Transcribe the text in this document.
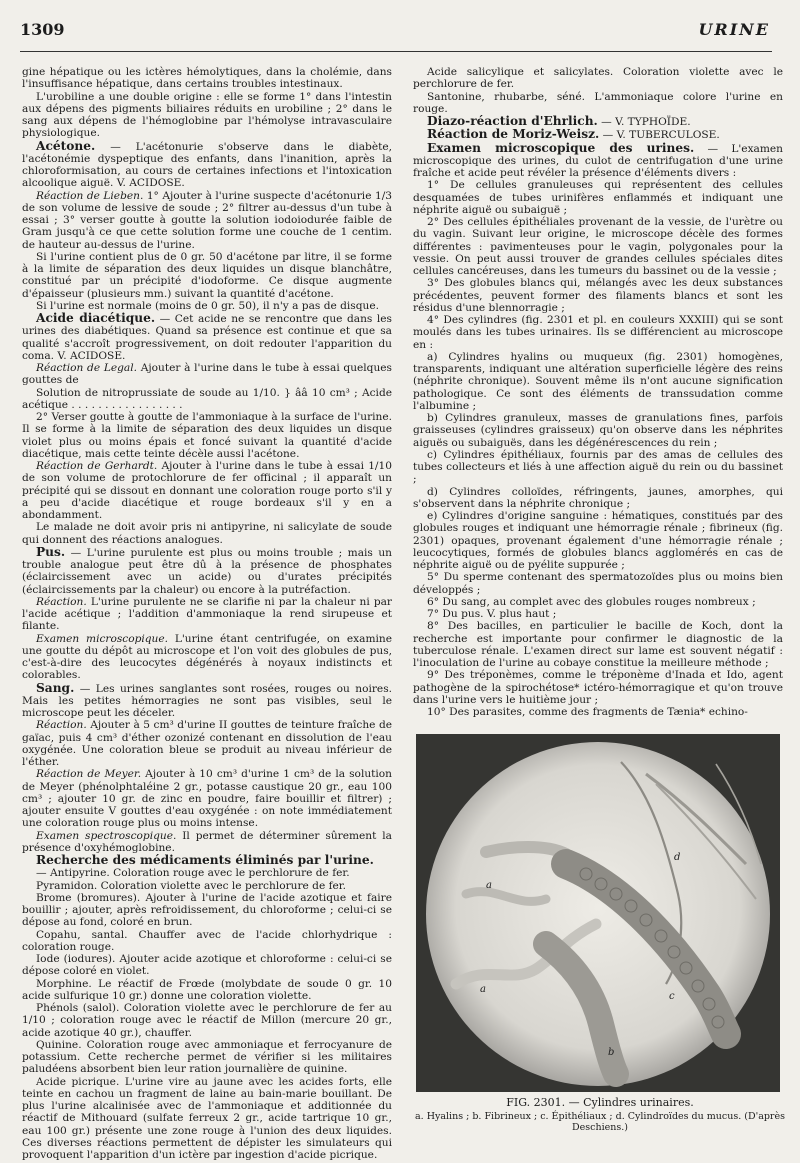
1309	URINE

gine hépatique ou les ictères hémolytiques, dans la cholémie, dans l'insuffisance hépatique, dans certains troubles intestinaux.

L'urobiline a une double origine : elle se forme 1° dans l'intestin aux dépens des pigments biliaires réduits en urobiline ; 2° dans le sang aux dépens de l'hémoglobine par l'hémolyse intravasculaire physiologique.

Acétone. — L'acétonurie s'observe dans le diabète, l'acétonémie dyspeptique des enfants, dans l'inanition, après la chloroformisation, au cours de certaines infections et l'intoxication alcoolique aiguë. V. ACIDOSE.

Réaction de Lieben. 1° Ajouter à l'urine suspecte d'acétonurie 1/3 de son volume de lessive de soude ; 2° filtrer au-dessus d'un tube à essai ; 3° verser goutte à goutte la solution iodoiodurée faible de Gram jusqu'à ce que cette solution forme une couche de 1 centim. de hauteur au-dessus de l'urine.

Si l'urine contient plus de 0 gr. 50 d'acétone par litre, il se forme à la limite de séparation des deux liquides un disque blanchâtre, constitué par un précipité d'iodoforme. Ce disque augmente d'épaisseur (plusieurs mm.) suivant la quantité d'acétone.

Si l'urine est normale (moins de 0 gr. 50), il n'y a pas de disque.

Acide diacétique. — Cet acide ne se rencontre que dans les urines des diabétiques. Quand sa présence est continue et que sa qualité s'accroît progressivement, on doit redouter l'apparition du coma. V. ACIDOSE.

Réaction de Legal. Ajouter à l'urine dans le tube à essai quelques gouttes de

Solution de nitroprussiate de soude au 1/10. } ââ 10 cm³ ; Acide acétique . . . . . . . . . . . . . . . . .

2° Verser goutte à goutte de l'ammoniaque à la surface de l'urine. Il se forme à la limite de séparation des deux liquides un disque violet plus ou moins épais et foncé suivant la quantité d'acide diacétique, mais cette teinte décèle aussi l'acétone.

Réaction de Gerhardt. Ajouter à l'urine dans le tube à essai 1/10 de son volume de protochlorure de fer officinal ; il apparaît un précipité qui se dissout en donnant une coloration rouge porto s'il y a peu d'acide diacétique et rouge bordeaux s'il y en a abondamment.

Le malade ne doit avoir pris ni antipyrine, ni salicylate de soude qui donnent des réactions analogues.

Pus. — L'urine purulente est plus ou moins trouble ; mais un trouble analogue peut être dû à la présence de phosphates (éclaircissement avec un acide) ou d'urates précipités (éclaircissements par la chaleur) ou encore à la putréfaction.

Réaction. L'urine purulente ne se clarifie ni par la chaleur ni par l'acide acétique ; l'addition d'ammoniaque la rend sirupeuse et filante.

Examen microscopique. L'urine étant centrifugée, on examine une goutte du dépôt au microscope et l'on voit des globules de pus, c'est-à-dire des leucocytes dégénérés à noyaux indistincts et colorables.

Sang. — Les urines sanglantes sont rosées, rouges ou noires. Mais les petites hémorragies ne sont pas visibles, seul le microscope peut les déceler.

Réaction. Ajouter à 5 cm³ d'urine II gouttes de teinture fraîche de gaïac, puis 4 cm³ d'éther ozonizé contenant en dissolution de l'eau oxygénée. Une coloration bleue se produit au niveau inférieur de l'éther.

Réaction de Meyer. Ajouter à 10 cm³ d'urine 1 cm³ de la solution de Meyer (phénolphtaléine 2 gr., potasse caustique 20 gr., eau 100 cm³ ; ajouter 10 gr. de zinc en poudre, faire bouillir et filtrer) ; ajouter ensuite V gouttes d'eau oxygénée : on note immédiatement une coloration rouge plus ou moins intense.

Examen spectroscopique. Il permet de déterminer sûrement la présence d'oxyhémoglobine.

Recherche des médicaments éliminés par l'urine.

— Antipyrine. Coloration rouge avec le perchlorure de fer.

Pyramidon. Coloration violette avec le perchlorure de fer.

Brome (bromures). Ajouter à l'urine de l'acide azotique et faire bouillir ; ajouter, après refroidissement, du chloroforme ; celui-ci se dépose au fond, coloré en brun.

Copahu, santal. Chauffer avec de l'acide chlorhydrique : coloration rouge.

Iode (iodures). Ajouter acide azotique et chloroforme : celui-ci se dépose coloré en violet.

Morphine. Le réactif de Frœde (molybdate de soude 0 gr. 10 acide sulfurique 10 gr.) donne une coloration violette.

Phénols (salol). Coloration violette avec le perchlorure de fer au 1/10 ; coloration rouge avec le réactif de Millon (mercure 20 gr., acide azotique 40 gr.), chauffer.

Quinine. Coloration rouge avec ammoniaque et ferrocyanure de potassium. Cette recherche permet de vérifier si les militaires paludéens absorbent bien leur ration journalière de quinine.

Acide picrique. L'urine vire au jaune avec les acides forts, elle teinte en cachou un fragment de laine au bain-marie bouillant. De plus l'urine alcalinisée avec de l'ammoniaque et additionnée du réactif de Mithouard (sulfate ferreux 2 gr., acide tartrique 10 gr., eau 100 gr.) présente une zone rouge à l'union des deux liquides. Ces diverses réactions permettent de dépister les simulateurs qui provoquent l'apparition d'un ictère par ingestion d'acide picrique.

Acide salicylique et salicylates. Coloration violette avec le perchlorure de fer.

Santonine, rhubarbe, séné. L'ammoniaque colore l'urine en rouge.

Diazo-réaction d'Ehrlich. — V. TYPHOÏDE.

Réaction de Moriz-Weisz. — V. TUBERCULOSE.

Examen microscopique des urines. — L'examen microscopique des urines, du culot de centrifugation d'une urine fraîche et acide peut révéler la présence d'éléments divers :

1° De cellules granuleuses qui représentent des cellules desquamées de tubes urinifères enflammés et indiquant une néphrite aiguë ou subaiguë ;

2° Des cellules épithéliales provenant de la vessie, de l'urètre ou du vagin. Suivant leur origine, le microscope décèle des formes différentes : pavimenteuses pour le vagin, polygonales pour la vessie. On peut aussi trouver de grandes cellules spéciales dites cellules cancéreuses, dans les tumeurs du bassinet ou de la vessie ;

3° Des globules blancs qui, mélangés avec les deux substances précédentes, peuvent former des filaments blancs et sont les résidus d'une blennorragie ;

4° Des cylindres (fig. 2301 et pl. en couleurs XXXIII) qui se sont moulés dans les tubes urinaires. Ils se différencient au microscope en :

a) Cylindres hyalins ou muqueux (fig. 2301) homogènes, transparents, indiquant une altération superficielle légère des reins (néphrite chronique). Souvent même ils n'ont aucune signification pathologique. Ce sont des éléments de transsudation comme l'albumine ;

b) Cylindres granuleux, masses de granulations fines, parfois graisseuses (cylindres graisseux) qu'on observe dans les néphrites aiguës ou subaiguës, dans les dégénérescences du rein ;

c) Cylindres épithéliaux, fournis par des amas de cellules des tubes collecteurs et liés à une affection aiguë du rein ou du bassinet ;

d) Cylindres colloïdes, réfringents, jaunes, amorphes, qui s'observent dans la néphrite chronique ;

e) Cylindres d'origine sanguine : hématiques, constitués par des globules rouges et indiquant une hémorragie rénale ; fibrineux (fig. 2301) opaques, provenant également d'une hémorragie rénale ; leucocytiques, formés de globules blancs agglomérés en cas de néphrite aiguë ou de pyélite suppurée ;

5° Du sperme contenant des spermatozoïdes plus ou moins bien développés ;

6° Du sang, au complet avec des globules rouges nombreux ;

7° Du pus. V. plus haut ;

8° Des bacilles, en particulier le bacille de Koch, dont la recherche est importante pour confirmer le diagnostic de la tuberculose rénale. L'examen direct sur lame est souvent négatif : l'inoculation de l'urine au cobaye constitue la meilleure méthode ;

9° Des tréponèmes, comme le tréponème d'Inada et Ido, agent pathogène de la spirochétose* ictéro-hémorragique et qu'on trouve dans l'urine vers le huitième jour ;

10° Des parasites, comme des fragments de Tænia* echino-

a
a
b
c
d
FIG. 2301. — Cylindres urinaires.
a. Hyalins ; b. Fibrineux ; c. Épithéliaux ; d. Cylindroïdes du mucus. (D'après Deschiens.)
